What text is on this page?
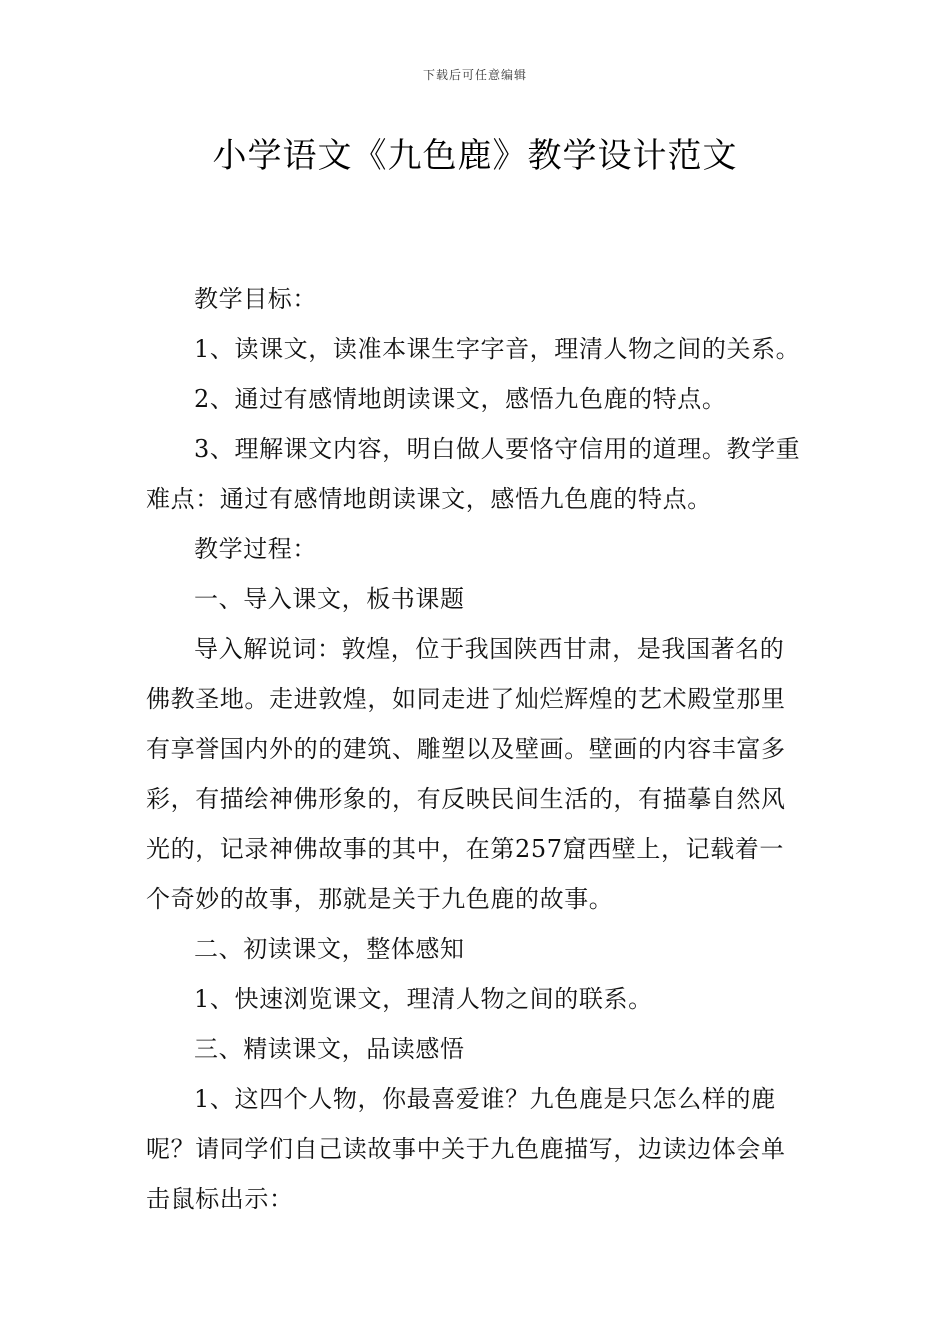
下载后可任意编辑
小学语文《九色鹿》教学设计范文

教学目标：

1、读课文，读准本课生字字音，理清人物之间的关系。

2、通过有感情地朗读课文，感悟九色鹿的特点。

3、理解课文内容，明白做人要恪守信用的道理。教学重难点：通过有感情地朗读课文，感悟九色鹿的特点。

教学过程：

一、导入课文，板书课题

导入解说词：敦煌，位于我国陕西甘肃，是我国著名的佛教圣地。走进敦煌，如同走进了灿烂辉煌的艺术殿堂那里有享誉国内外的的建筑、雕塑以及壁画。壁画的内容丰富多彩，有描绘神佛形象的，有反映民间生活的，有描摹自然风光的，记录神佛故事的其中，在第257窟西壁上，记载着一个奇妙的故事，那就是关于九色鹿的故事。

二、初读课文，整体感知

1、快速浏览课文，理清人物之间的联系。

三、精读课文，品读感悟

1、这四个人物，你最喜爱谁？九色鹿是只怎么样的鹿呢？请同学们自己读故事中关于九色鹿描写，边读边体会单击鼠标出示：
